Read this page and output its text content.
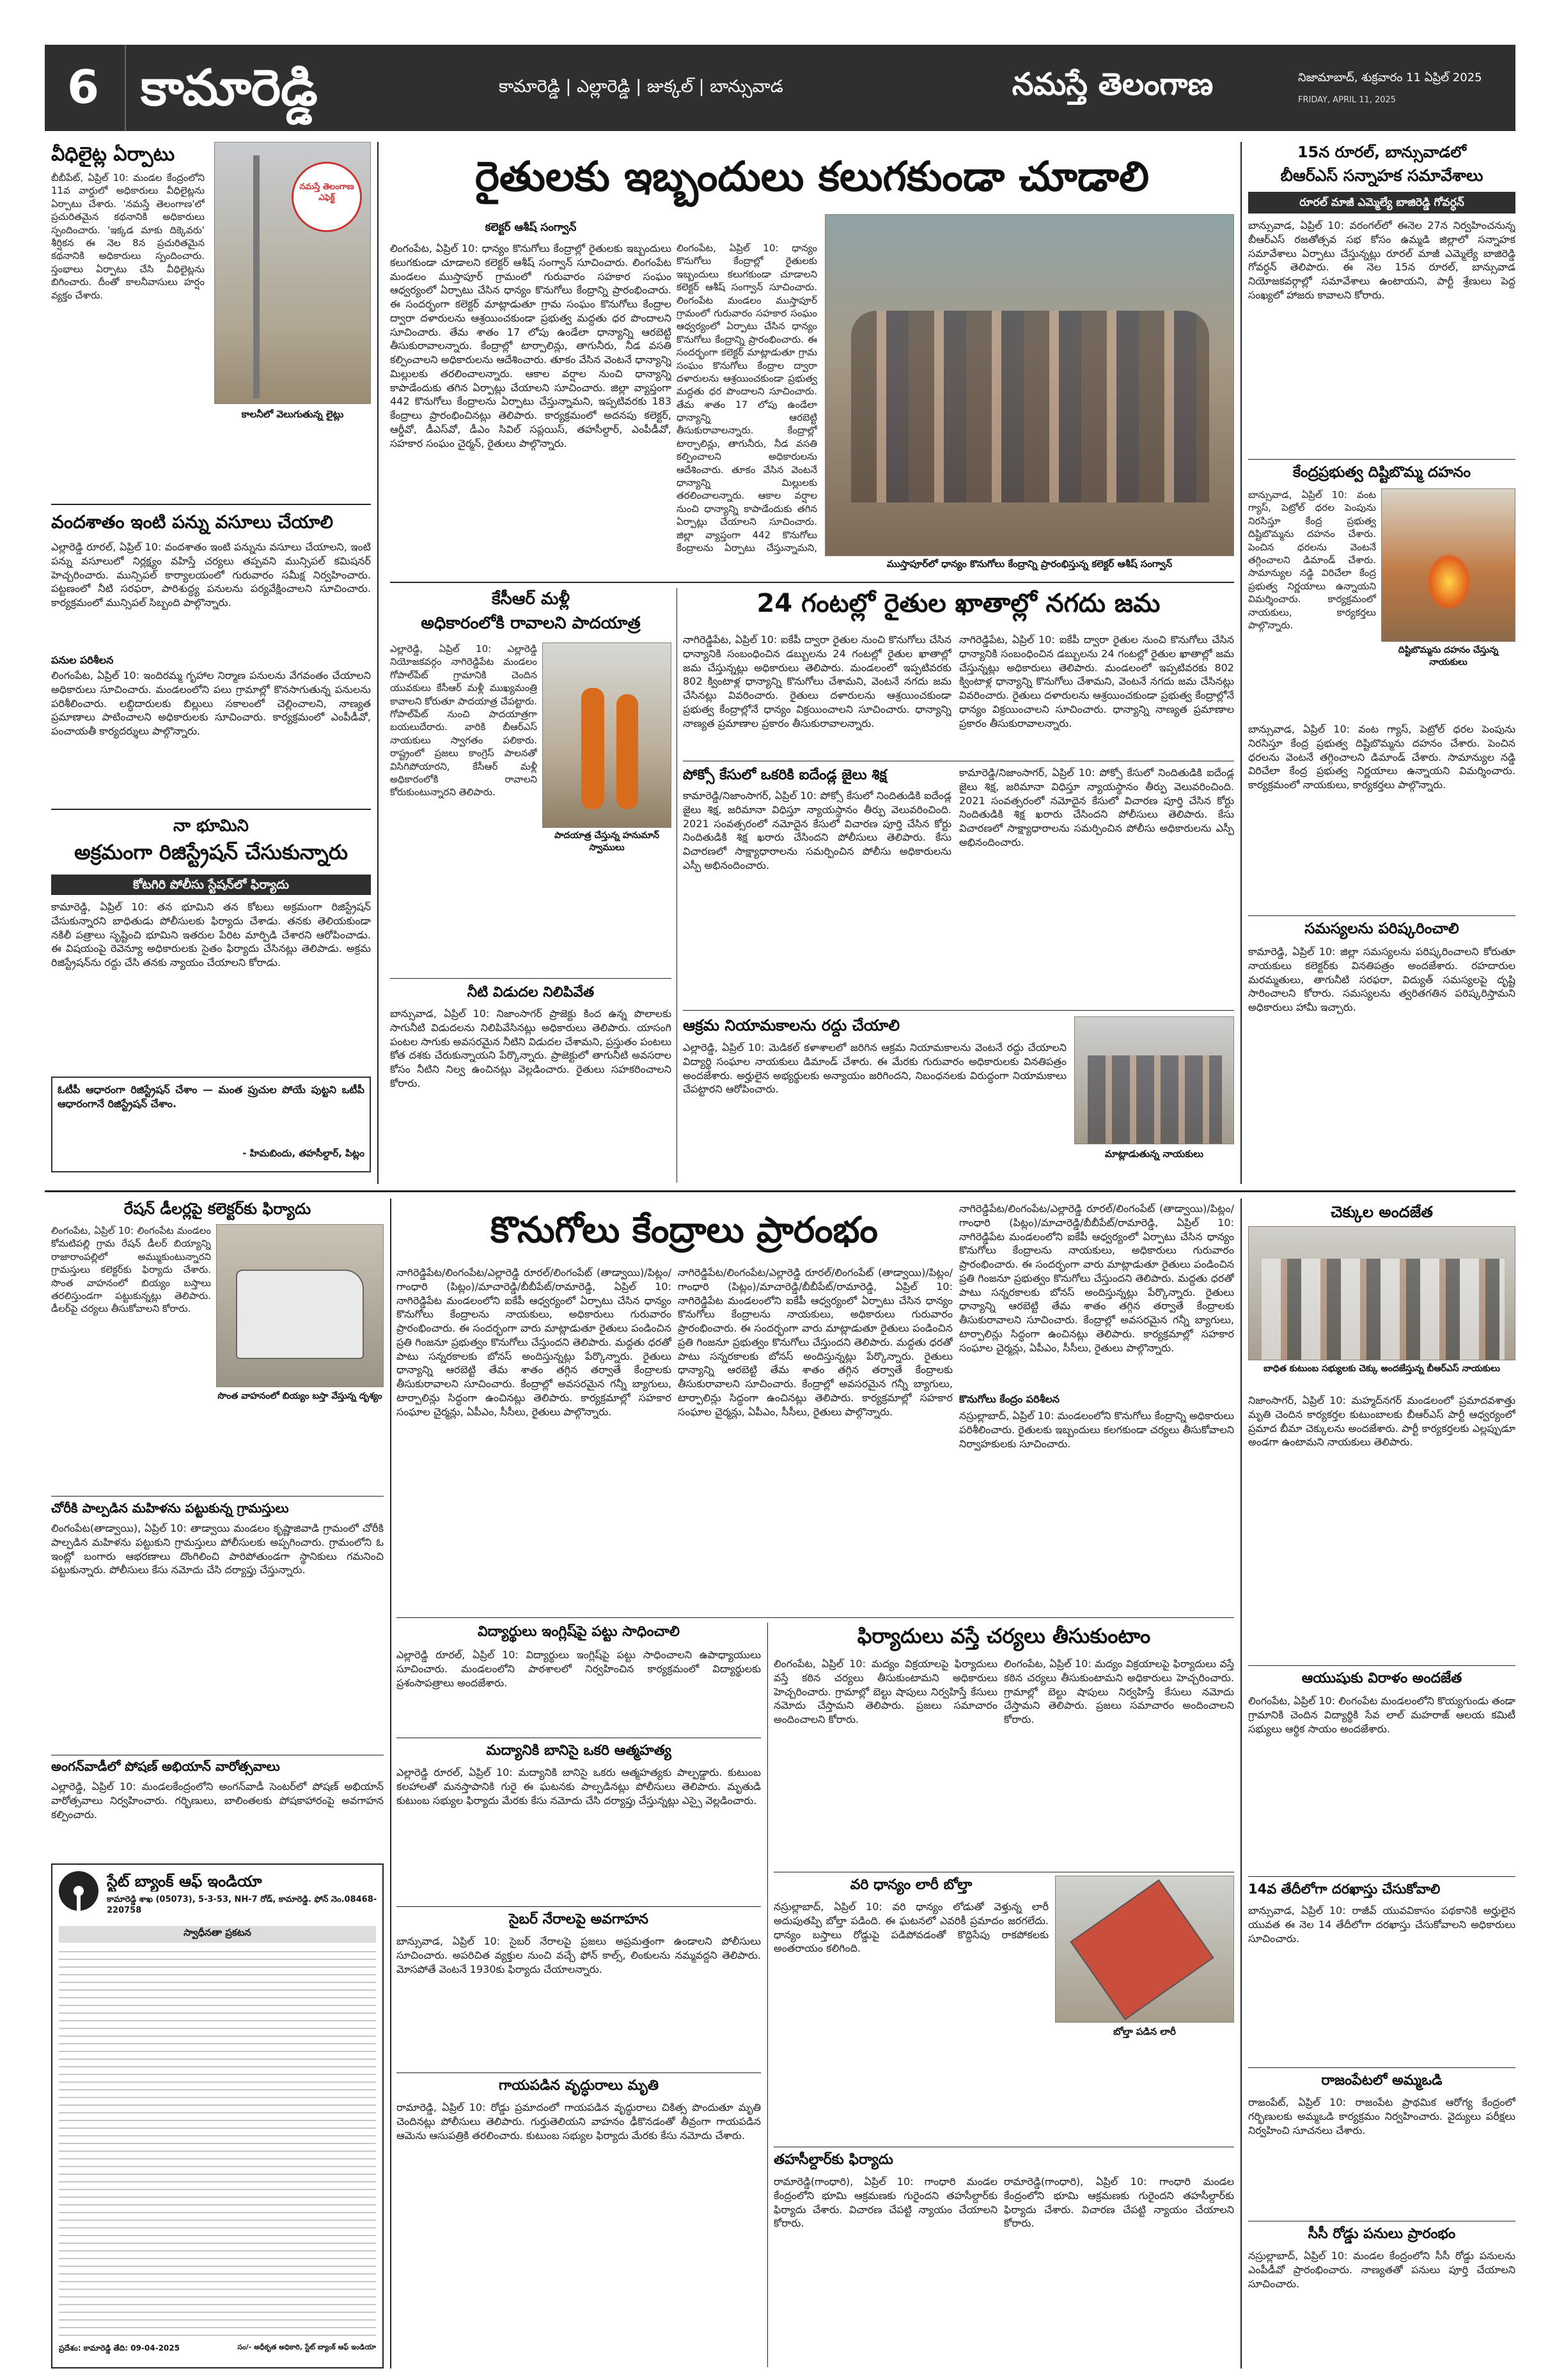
6 కామారెడ్డి	కామారెడ్డి | ఎల్లారెడ్డి | జుక్కల్ | బాన్సువాడ	నమస్తే తెలంగాణ	నిజామాబాద్, శుక్రవారం 11 ఏప్రిల్ 2025
FRIDAY, APRIL 11, 2025
వీధిలైట్ల ఏర్పాటు
బీబీపేట్, ఏప్రిల్ 10: మండల కేంద్రంలోని 11వ వార్డులో అధికారులు వీధిలైట్లను ఏర్పాటు చేశారు. 'నమస్తే తెలంగాణ'లో ప్రచురితమైన కథనానికి అధికారులు స్పందించారు. 'ఇక్కడ మాకు దిక్కెవరు' శీర్షికన ఈ నెల 8న ప్రచురితమైన కథనానికి అధికారులు స్పందించారు. స్తంభాలు ఏర్పాటు చేసి వీధిలైట్లను బిగించారు. దీంతో కాలనీవాసులు హర్షం వ్యక్తం చేశారు.
నమస్తే తెలంగాణ ఎఫెక్ట్
కాలనీలో వెలుగుతున్న లైట్లు
వందశాతం ఇంటి పన్ను వసూలు చేయాలి
ఎల్లారెడ్డి రూరల్, ఏప్రిల్ 10: వందశాతం ఇంటి పన్నును వసూలు చేయాలని, ఇంటి పన్ను వసూలులో నిర్లక్ష్యం వహిస్తే చర్యలు తప్పవని మున్సిపల్ కమిషనర్ హెచ్చరించారు. మున్సిపల్ కార్యాలయంలో గురువారం సమీక్ష నిర్వహించారు. పట్టణంలో నీటి సరఫరా, పారిశుద్ధ్య పనులను పర్యవేక్షించాలని సూచించారు. కార్యక్రమంలో మున్సిపల్ సిబ్బంది పాల్గొన్నారు.
పనుల పరిశీలన
లింగంపేట, ఏప్రిల్ 10: ఇందిరమ్మ గృహాల నిర్మాణ పనులను వేగవంతం చేయాలని అధికారులు సూచించారు. మండలంలోని పలు గ్రామాల్లో కొనసాగుతున్న పనులను పరిశీలించారు. లబ్ధిదారులకు బిల్లులు సకాలంలో చెల్లించాలని, నాణ్యత ప్రమాణాలు పాటించాలని అధికారులకు సూచించారు. కార్యక్రమంలో ఎంపీడీవో, పంచాయతీ కార్యదర్శులు పాల్గొన్నారు.
నా భూమిని
అక్రమంగా రిజిస్ట్రేషన్ చేసుకున్నారు
కోటగిరి పోలీసు స్టేషన్‌లో ఫిర్యాదు
కామారెడ్డి, ఏప్రిల్ 10: తన భూమిని తన కోటలు అక్రమంగా రిజిస్ట్రేషన్ చేసుకున్నారని బాధితుడు పోలీసులకు ఫిర్యాదు చేశాడు. తనకు తెలియకుండా నకిలీ పత్రాలు సృష్టించి భూమిని ఇతరుల పేరిట మార్పిడి చేశారని ఆరోపించాడు. ఈ విషయంపై రెవెన్యూ అధికారులకు సైతం ఫిర్యాదు చేసినట్లు తెలిపాడు. అక్రమ రిజిస్ట్రేషన్‌ను రద్దు చేసి తనకు న్యాయం చేయాలని కోరాడు.
ఓటీపీ ఆధారంగా రిజిస్ట్రేషన్ చేశాం — మంత ప్రుచుల పోయే పుట్టని ఒటీపీ ఆధారంగానే రిజిస్ట్రేషన్ చేశాం.
- హిమబిందు, తహసీల్దార్, పిట్లం
రైతులకు ఇబ్బందులు కలుగకుండా చూడాలి
కలెక్టర్ ఆశీష్ సంగ్వాన్
లింగంపేట, ఏప్రిల్ 10: ధాన్యం కొనుగోలు కేంద్రాల్లో రైతులకు ఇబ్బందులు కలుగకుండా చూడాలని కలెక్టర్ ఆశీష్ సంగ్వాన్ సూచించారు. లింగంపేట మండలం ముస్తాపూర్ గ్రామంలో గురువారం సహకార సంఘం ఆధ్వర్యంలో ఏర్పాటు చేసిన ధాన్యం కొనుగోలు కేంద్రాన్ని ప్రారంభించారు. ఈ సందర్భంగా కలెక్టర్ మాట్లాడుతూ గ్రామ సంఘం కొనుగోలు కేంద్రాల ద్వారా దళారులను ఆశ్రయించకుండా ప్రభుత్వ మద్దతు ధర పొందాలని సూచించారు. తేమ శాతం 17 లోపు ఉండేలా ధాన్యాన్ని ఆరబెట్టి తీసుకురావాలన్నారు. కేంద్రాల్లో టార్పాలిన్లు, తాగునీరు, నీడ వసతి కల్పించాలని అధికారులను ఆదేశించారు. తూకం వేసిన వెంటనే ధాన్యాన్ని మిల్లులకు తరలించాలన్నారు. ఆకాల వర్షాల నుంచి ధాన్యాన్ని కాపాడేందుకు తగిన ఏర్పాట్లు చేయాలని సూచించారు. జిల్లా వ్యాప్తంగా 442 కొనుగోలు కేంద్రాలను ఏర్పాటు చేస్తున్నామని, ఇప్పటివరకు 183 కేంద్రాలు ప్రారంభించినట్లు తెలిపారు. కార్యక్రమంలో అదనపు కలెక్టర్, ఆర్డీవో, డీఎస్‌వో, డీఎం సివిల్ సప్లయిస్, తహసీల్దార్, ఎంపీడీవో, సహకార సంఘం చైర్మన్, రైతులు పాల్గొన్నారు.
లింగంపేట, ఏప్రిల్ 10: ధాన్యం కొనుగోలు కేంద్రాల్లో రైతులకు ఇబ్బందులు కలుగకుండా చూడాలని కలెక్టర్ ఆశీష్ సంగ్వాన్ సూచించారు. లింగంపేట మండలం ముస్తాపూర్ గ్రామంలో గురువారం సహకార సంఘం ఆధ్వర్యంలో ఏర్పాటు చేసిన ధాన్యం కొనుగోలు కేంద్రాన్ని ప్రారంభించారు. ఈ సందర్భంగా కలెక్టర్ మాట్లాడుతూ గ్రామ సంఘం కొనుగోలు కేంద్రాల ద్వారా దళారులను ఆశ్రయించకుండా ప్రభుత్వ మద్దతు ధర పొందాలని సూచించారు. తేమ శాతం 17 లోపు ఉండేలా ధాన్యాన్ని ఆరబెట్టి తీసుకురావాలన్నారు. కేంద్రాల్లో టార్పాలిన్లు, తాగునీరు, నీడ వసతి కల్పించాలని అధికారులను ఆదేశించారు. తూకం వేసిన వెంటనే ధాన్యాన్ని మిల్లులకు తరలించాలన్నారు. ఆకాల వర్షాల నుంచి ధాన్యాన్ని కాపాడేందుకు తగిన ఏర్పాట్లు చేయాలని సూచించారు. జిల్లా వ్యాప్తంగా 442 కొనుగోలు కేంద్రాలను ఏర్పాటు చేస్తున్నామని,
ముస్తాపూర్‌లో ధాన్యం కొనుగోలు కేంద్రాన్ని ప్రారంభిస్తున్న కలెక్టర్ ఆశీష్ సంగ్వాన్
కేసీఆర్ మళ్లీ
అధికారంలోకి రావాలని పాదయాత్ర
ఎల్లారెడ్డి, ఏప్రిల్ 10: ఎల్లారెడ్డి నియోజకవర్గం నాగిరెడ్డిపేట మండలం గోపాల్‌పేట్ గ్రామానికి చెందిన యువకులు కేసీఆర్ మళ్లీ ముఖ్యమంత్రి కావాలని కోరుతూ పాదయాత్ర చేపట్టారు. గోపాల్‌పేట్ నుంచి పాదయాత్రగా బయలుదేరారు. వారికి బీఆర్ఎస్ నాయకులు స్వాగతం పలికారు. రాష్ట్రంలో ప్రజలు కాంగ్రెస్ పాలనతో విసిగిపోయారని, కేసీఆర్ మళ్లీ అధికారంలోకి రావాలని కోరుకుంటున్నారని తెలిపారు.
పాదయాత్ర చేస్తున్న హనుమాన్ స్వాములు
నీటి విడుదల నిలిపివేత
బాన్సువాడ, ఏప్రిల్ 10: నిజాంసాగర్ ప్రాజెక్టు కింద ఉన్న పొలాలకు సాగునీటి విడుదలను నిలిపివేసినట్లు అధికారులు తెలిపారు. యాసంగి పంటల సాగుకు అవసరమైన నీటిని విడుదల చేశామని, ప్రస్తుతం పంటలు కోత దశకు చేరుకున్నాయని పేర్కొన్నారు. ప్రాజెక్టులో తాగునీటి అవసరాల కోసం నీటిని నిల్వ ఉంచినట్లు వెల్లడించారు. రైతులు సహకరించాలని కోరారు.
24 గంటల్లో రైతుల ఖాతాల్లో నగదు జమ
నాగిరెడ్డిపేట, ఏప్రిల్ 10: ఐకేపీ ద్వారా రైతుల నుంచి కొనుగోలు చేసిన ధాన్యానికి సంబంధించిన డబ్బులను 24 గంటల్లో రైతుల ఖాతాల్లో జమ చేస్తున్నట్లు అధికారులు తెలిపారు. మండలంలో ఇప్పటివరకు 802 క్వింటాళ్ల ధాన్యాన్ని కొనుగోలు చేశామని, వెంటనే నగదు జమ చేసినట్లు వివరించారు. రైతులు దళారులను ఆశ్రయించకుండా ప్రభుత్వ కేంద్రాల్లోనే ధాన్యం విక్రయించాలని సూచించారు. ధాన్యాన్ని నాణ్యత ప్రమాణాల ప్రకారం తీసుకురావాలన్నారు.
నాగిరెడ్డిపేట, ఏప్రిల్ 10: ఐకేపీ ద్వారా రైతుల నుంచి కొనుగోలు చేసిన ధాన్యానికి సంబంధించిన డబ్బులను 24 గంటల్లో రైతుల ఖాతాల్లో జమ చేస్తున్నట్లు అధికారులు తెలిపారు. మండలంలో ఇప్పటివరకు 802 క్వింటాళ్ల ధాన్యాన్ని కొనుగోలు చేశామని, వెంటనే నగదు జమ చేసినట్లు వివరించారు. రైతులు దళారులను ఆశ్రయించకుండా ప్రభుత్వ కేంద్రాల్లోనే ధాన్యం విక్రయించాలని సూచించారు. ధాన్యాన్ని నాణ్యత ప్రమాణాల ప్రకారం తీసుకురావాలన్నారు.
పోక్సో కేసులో ఒకరికి ఐదేండ్ల జైలు శిక్ష
కామారెడ్డి/నిజాంసాగర్, ఏప్రిల్ 10: పోక్సో కేసులో నిందితుడికి ఐదేండ్ల జైలు శిక్ష, జరిమానా విధిస్తూ న్యాయస్థానం తీర్పు వెలువరించింది. 2021 సంవత్సరంలో నమోదైన కేసులో విచారణ పూర్తి చేసిన కోర్టు నిందితుడికి శిక్ష ఖరారు చేసిందని పోలీసులు తెలిపారు. కేసు విచారణలో సాక్ష్యాధారాలను సమర్పించిన పోలీసు అధికారులను ఎస్పీ అభినందించారు.
కామారెడ్డి/నిజాంసాగర్, ఏప్రిల్ 10: పోక్సో కేసులో నిందితుడికి ఐదేండ్ల జైలు శిక్ష, జరిమానా విధిస్తూ న్యాయస్థానం తీర్పు వెలువరించింది. 2021 సంవత్సరంలో నమోదైన కేసులో విచారణ పూర్తి చేసిన కోర్టు నిందితుడికి శిక్ష ఖరారు చేసిందని పోలీసులు తెలిపారు. కేసు విచారణలో సాక్ష్యాధారాలను సమర్పించిన పోలీసు అధికారులను ఎస్పీ అభినందించారు.
ఆక్రమ నియామకాలను రద్దు చేయాలి
ఎల్లారెడ్డి, ఏప్రిల్ 10: మెడికల్ కళాశాలలో జరిగిన ఆక్రమ నియామకాలను వెంటనే రద్దు చేయాలని విద్యార్థి సంఘాల నాయకులు డిమాండ్ చేశారు. ఈ మేరకు గురువారం అధికారులకు వినతిపత్రం అందజేశారు. అర్హులైన అభ్యర్థులకు అన్యాయం జరిగిందని, నిబంధనలకు విరుద్ధంగా నియామకాలు చేపట్టారని ఆరోపించారు.
మాట్లాడుతున్న నాయకులు
15న రూరల్, బాన్సువాడలో
బీఆర్ఎస్ సన్నాహక సమావేశాలు
రూరల్ మాజీ ఎమ్మెల్యే బాజిరెడ్డి గోవర్ధన్
బాన్సువాడ, ఏప్రిల్ 10: వరంగల్‌లో ఈనెల 27న నిర్వహించనున్న బీఆర్ఎస్ రజతోత్సవ సభ కోసం ఉమ్మడి జిల్లాలో సన్నాహక సమావేశాలు ఏర్పాటు చేస్తున్నట్లు రూరల్ మాజీ ఎమ్మెల్యే బాజిరెడ్డి గోవర్ధన్ తెలిపారు. ఈ నెల 15న రూరల్, బాన్సువాడ నియోజకవర్గాల్లో సమావేశాలు ఉంటాయని, పార్టీ శ్రేణులు పెద్ద సంఖ్యలో హాజరు కావాలని కోరారు.
కేంద్రప్రభుత్వ దిష్టిబొమ్మ దహనం
బాన్సువాడ, ఏప్రిల్ 10: వంట గ్యాస్, పెట్రోల్ ధరల పెంపును నిరసిస్తూ కేంద్ర ప్రభుత్వ దిష్టిబొమ్మను దహనం చేశారు. పెంచిన ధరలను వెంటనే తగ్గించాలని డిమాండ్ చేశారు. సామాన్యుల నడ్డి విరిచేలా కేంద్ర ప్రభుత్వ నిర్ణయాలు ఉన్నాయని విమర్శించారు. కార్యక్రమంలో నాయకులు, కార్యకర్తలు పాల్గొన్నారు.
దిష్టిబొమ్మను దహనం చేస్తున్న నాయకులు
బాన్సువాడ, ఏప్రిల్ 10: వంట గ్యాస్, పెట్రోల్ ధరల పెంపును నిరసిస్తూ కేంద్ర ప్రభుత్వ దిష్టిబొమ్మను దహనం చేశారు. పెంచిన ధరలను వెంటనే తగ్గించాలని డిమాండ్ చేశారు. సామాన్యుల నడ్డి విరిచేలా కేంద్ర ప్రభుత్వ నిర్ణయాలు ఉన్నాయని విమర్శించారు. కార్యక్రమంలో నాయకులు, కార్యకర్తలు పాల్గొన్నారు.
సమస్యలను పరిష్కరించాలి
కామారెడ్డి, ఏప్రిల్ 10: జిల్లా సమస్యలను పరిష్కరించాలని కోరుతూ నాయకులు కలెక్టర్‌కు వినతిపత్రం అందజేశారు. రహదారుల మరమ్మతులు, తాగునీటి సరఫరా, విద్యుత్ సమస్యలపై దృష్టి సారించాలని కోరారు. సమస్యలను త్వరితగతిన పరిష్కరిస్తామని అధికారులు హామీ ఇచ్చారు.
రేషన్ డీలర్లపై కలెక్టర్‌కు ఫిర్యాదు
లింగంపేట, ఏప్రిల్ 10: లింగంపేట మండలం కోమటిపల్లి గ్రామ రేషన్ డీలర్ బియ్యాన్ని రాజారాంపల్లిలో అమ్ముకుంటున్నారని గ్రామస్తులు కలెక్టర్‌కు ఫిర్యాదు చేశారు. సొంత వాహనంలో బియ్యం బస్తాలు తరలిస్తుండగా పట్టుకున్నట్లు తెలిపారు. డీలర్‌పై చర్యలు తీసుకోవాలని కోరారు.
సొంత వాహనంలో బియ్యం బస్తా వేస్తున్న దృశ్యం
చోరీకి పాల్పడిన మహిళను పట్టుకున్న గ్రామస్తులు
లింగంపేట(తాడ్వాయి), ఏప్రిల్ 10: తాడ్వాయి మండలం కృష్ణాజివాడి గ్రామంలో చోరీకి పాల్పడిన మహిళను పట్టుకుని గ్రామస్తులు పోలీసులకు అప్పగించారు. గ్రామంలోని ఓ ఇంట్లో బంగారు ఆభరణాలు దొంగిలించి పారిపోతుండగా స్థానికులు గమనించి పట్టుకున్నారు. పోలీసులు కేసు నమోదు చేసి దర్యాప్తు చేస్తున్నారు.
అంగన్‌వాడీలో పోషణ్ అభియాన్ వారోత్సవాలు
ఎల్లారెడ్డి, ఏప్రిల్ 10: మండలకేంద్రంలోని అంగన్‌వాడీ సెంటర్‌లో పోషణ్ అభియాన్ వారోత్సవాలు నిర్వహించారు. గర్భిణులు, బాలింతలకు పోషకాహారంపై అవగాహన కల్పించారు.
స్టేట్ బ్యాంక్ ఆఫ్ ఇండియా
కామారెడ్డి శాఖ (05073), 5-3-53, NH-7 రోడ్, కామారెడ్డి. ఫోన్ నెం.08468-220758
స్వాధీనతా ప్రకటన
ప్రదేశం: కామారెడ్డి తేది: 09-04-2025	సం/- అధీకృత అధికారి, స్టేట్ బ్యాంక్ ఆఫ్ ఇండియా
కొనుగోలు కేంద్రాలు ప్రారంభం
నాగిరెడ్డిపేట/లింగంపేట/ఎల్లారెడ్డి రూరల్/లింగంపేట్ (తాడ్వాయి)/పిట్లం/గాంధారి (పిట్లం)/మాచారెడ్డి/బీబీపేట్/రామారెడ్డి, ఏప్రిల్ 10: నాగిరెడ్డిపేట మండలంలోని ఐకేపీ ఆధ్వర్యంలో ఏర్పాటు చేసిన ధాన్యం కొనుగోలు కేంద్రాలను నాయకులు, అధికారులు గురువారం ప్రారంభించారు. ఈ సందర్భంగా వారు మాట్లాడుతూ రైతులు పండించిన ప్రతి గింజనూ ప్రభుత్వం కొనుగోలు చేస్తుందని తెలిపారు. మద్దతు ధరతో పాటు సన్నరకాలకు బోనస్ అందిస్తున్నట్లు పేర్కొన్నారు. రైతులు ధాన్యాన్ని ఆరబెట్టి తేమ శాతం తగ్గిన తర్వాతే కేంద్రాలకు తీసుకురావాలని సూచించారు. కేంద్రాల్లో అవసరమైన గన్నీ బ్యాగులు, టార్పాలిన్లు సిద్ధంగా ఉంచినట్లు తెలిపారు. కార్యక్రమాల్లో సహకార సంఘాల చైర్మన్లు, ఏపీఎం, సీసీలు, రైతులు పాల్గొన్నారు.
నాగిరెడ్డిపేట/లింగంపేట/ఎల్లారెడ్డి రూరల్/లింగంపేట్ (తాడ్వాయి)/పిట్లం/గాంధారి (పిట్లం)/మాచారెడ్డి/బీబీపేట్/రామారెడ్డి, ఏప్రిల్ 10: నాగిరెడ్డిపేట మండలంలోని ఐకేపీ ఆధ్వర్యంలో ఏర్పాటు చేసిన ధాన్యం కొనుగోలు కేంద్రాలను నాయకులు, అధికారులు గురువారం ప్రారంభించారు. ఈ సందర్భంగా వారు మాట్లాడుతూ రైతులు పండించిన ప్రతి గింజనూ ప్రభుత్వం కొనుగోలు చేస్తుందని తెలిపారు. మద్దతు ధరతో పాటు సన్నరకాలకు బోనస్ అందిస్తున్నట్లు పేర్కొన్నారు. రైతులు ధాన్యాన్ని ఆరబెట్టి తేమ శాతం తగ్గిన తర్వాతే కేంద్రాలకు తీసుకురావాలని సూచించారు. కేంద్రాల్లో అవసరమైన గన్నీ బ్యాగులు, టార్పాలిన్లు సిద్ధంగా ఉంచినట్లు తెలిపారు. కార్యక్రమాల్లో సహకార సంఘాల చైర్మన్లు, ఏపీఎం, సీసీలు, రైతులు పాల్గొన్నారు.
నాగిరెడ్డిపేట/లింగంపేట/ఎల్లారెడ్డి రూరల్/లింగంపేట్ (తాడ్వాయి)/పిట్లం/గాంధారి (పిట్లం)/మాచారెడ్డి/బీబీపేట్/రామారెడ్డి, ఏప్రిల్ 10: నాగిరెడ్డిపేట మండలంలోని ఐకేపీ ఆధ్వర్యంలో ఏర్పాటు చేసిన ధాన్యం కొనుగోలు కేంద్రాలను నాయకులు, అధికారులు గురువారం ప్రారంభించారు. ఈ సందర్భంగా వారు మాట్లాడుతూ రైతులు పండించిన ప్రతి గింజనూ ప్రభుత్వం కొనుగోలు చేస్తుందని తెలిపారు. మద్దతు ధరతో పాటు సన్నరకాలకు బోనస్ అందిస్తున్నట్లు పేర్కొన్నారు. రైతులు ధాన్యాన్ని ఆరబెట్టి తేమ శాతం తగ్గిన తర్వాతే కేంద్రాలకు తీసుకురావాలని సూచించారు. కేంద్రాల్లో అవసరమైన గన్నీ బ్యాగులు, టార్పాలిన్లు సిద్ధంగా ఉంచినట్లు తెలిపారు. కార్యక్రమాల్లో సహకార సంఘాల చైర్మన్లు, ఏపీఎం, సీసీలు, రైతులు పాల్గొన్నారు.
కొనుగోలు కేంద్రం పరిశీలన
నస్రుల్లాబాద్, ఏప్రిల్ 10: మండలంలోని కొనుగోలు కేంద్రాన్ని అధికారులు పరిశీలించారు. రైతులకు ఇబ్బందులు కలగకుండా చర్యలు తీసుకోవాలని నిర్వాహకులకు సూచించారు.
విద్యార్థులు ఇంగ్లిష్‌పై పట్టు సాధించాలి
ఎల్లారెడ్డి రూరల్, ఏప్రిల్ 10: విద్యార్థులు ఇంగ్లిష్‌పై పట్టు సాధించాలని ఉపాధ్యాయులు సూచించారు. మండలంలోని పాఠశాలలో నిర్వహించిన కార్యక్రమంలో విద్యార్థులకు ప్రశంసాపత్రాలు అందజేశారు.
మద్యానికి బానిసై ఒకరి ఆత్మహత్య
ఎల్లారెడ్డి రూరల్, ఏప్రిల్ 10: మద్యానికి బానిసై ఒకరు ఆత్మహత్యకు పాల్పడ్డారు. కుటుంబ కలహాలతో మనస్తాపానికి గురై ఈ ఘటనకు పాల్పడినట్లు పోలీసులు తెలిపారు. మృతుడి కుటుంబ సభ్యుల ఫిర్యాదు మేరకు కేసు నమోదు చేసి దర్యాప్తు చేస్తున్నట్లు ఎస్సై వెల్లడించారు.
సైబర్ నేరాలపై అవగాహన
బాన్సువాడ, ఏప్రిల్ 10: సైబర్ నేరాలపై ప్రజలు అప్రమత్తంగా ఉండాలని పోలీసులు సూచించారు. అపరిచిత వ్యక్తుల నుంచి వచ్చే ఫోన్ కాల్స్, లింకులను నమ్మవద్దని తెలిపారు. మోసపోతే వెంటనే 1930కు ఫిర్యాదు చేయాలన్నారు.
గాయపడిన వృద్ధురాలు మృతి
రామారెడ్డి, ఏప్రిల్ 10: రోడ్డు ప్రమాదంలో గాయపడిన వృద్ధురాలు చికిత్స పొందుతూ మృతి చెందినట్లు పోలీసులు తెలిపారు. గుర్తుతెలియని వాహనం ఢీకొనడంతో తీవ్రంగా గాయపడిన ఆమెను ఆసుపత్రికి తరలించారు. కుటుంబ సభ్యుల ఫిర్యాదు మేరకు కేసు నమోదు చేశారు.
ఫిర్యాదులు వస్తే చర్యలు తీసుకుంటాం
లింగంపేట, ఏప్రిల్ 10: మద్యం విక్రయాలపై ఫిర్యాదులు వస్తే కఠిన చర్యలు తీసుకుంటామని అధికారులు హెచ్చరించారు. గ్రామాల్లో బెల్టు షాపులు నిర్వహిస్తే కేసులు నమోదు చేస్తామని తెలిపారు. ప్రజలు సమాచారం అందించాలని కోరారు.
లింగంపేట, ఏప్రిల్ 10: మద్యం విక్రయాలపై ఫిర్యాదులు వస్తే కఠిన చర్యలు తీసుకుంటామని అధికారులు హెచ్చరించారు. గ్రామాల్లో బెల్టు షాపులు నిర్వహిస్తే కేసులు నమోదు చేస్తామని తెలిపారు. ప్రజలు సమాచారం అందించాలని కోరారు.
వరి ధాన్యం లారీ బోల్తా
నస్రుల్లాబాద్, ఏప్రిల్ 10: వరి ధాన్యం లోడుతో వెళ్తున్న లారీ అదుపుతప్పి బోల్తా పడింది. ఈ ఘటనలో ఎవరికీ ప్రమాదం జరగలేదు. ధాన్యం బస్తాలు రోడ్డుపై పడిపోవడంతో కొద్దిసేపు రాకపోకలకు అంతరాయం కలిగింది.
బోల్తా పడిన లారీ
తహసీల్దార్‌కు ఫిర్యాదు
రామారెడ్డి(గాంధారి), ఏప్రిల్ 10: గాంధారి మండల కేంద్రంలోని భూమి ఆక్రమణకు గురైందని తహసీల్దార్‌కు ఫిర్యాదు చేశారు. విచారణ చేపట్టి న్యాయం చేయాలని కోరారు.
రామారెడ్డి(గాంధారి), ఏప్రిల్ 10: గాంధారి మండల కేంద్రంలోని భూమి ఆక్రమణకు గురైందని తహసీల్దార్‌కు ఫిర్యాదు చేశారు. విచారణ చేపట్టి న్యాయం చేయాలని కోరారు.
చెక్కుల అందజేత
బాధిత కుటుంబ సభ్యులకు చెక్కు అందజేస్తున్న బీఆర్ఎస్ నాయకులు
నిజాంసాగర్, ఏప్రిల్ 10: మహ్మద్‌నగర్ మండలంలో ప్రమాదవశాత్తు మృతి చెందిన కార్యకర్తల కుటుంబాలకు బీఆర్ఎస్ పార్టీ ఆధ్వర్యంలో ప్రమాద బీమా చెక్కులను అందజేశారు. పార్టీ కార్యకర్తలకు ఎల్లప్పుడూ అండగా ఉంటామని నాయకులు తెలిపారు.
ఆయుషుకు విరాళం అందజేత
లింగంపేట, ఏప్రిల్ 10: లింగంపేట మండలంలోని కొయ్యగుండు తండా గ్రామానికి చెందిన విద్యార్థికి సేవ లాల్ మహరాజ్ ఆలయ కమిటీ సభ్యులు ఆర్థిక సాయం అందజేశారు.
14వ తేదీలోగా దరఖాస్తు చేసుకోవాలి
బాన్సువాడ, ఏప్రిల్ 10: రాజీవ్ యువవికాసం పథకానికి అర్హులైన యువత ఈ నెల 14 తేదీలోగా దరఖాస్తు చేసుకోవాలని అధికారులు సూచించారు.
రాజంపేటలో అమ్మఒడి
రాజంపేట్, ఏప్రిల్ 10: రాజంపేట ప్రాథమిక ఆరోగ్య కేంద్రంలో గర్భిణులకు అమ్మఒడి కార్యక్రమం నిర్వహించారు. వైద్యులు పరీక్షలు నిర్వహించి సూచనలు చేశారు.
సీసీ రోడ్డు పనులు ప్రారంభం
నస్రుల్లాబాద్, ఏప్రిల్ 10: మండల కేంద్రంలోని సీసీ రోడ్డు పనులను ఎంపీడీవో ప్రారంభించారు. నాణ్యతతో పనులు పూర్తి చేయాలని సూచించారు.
